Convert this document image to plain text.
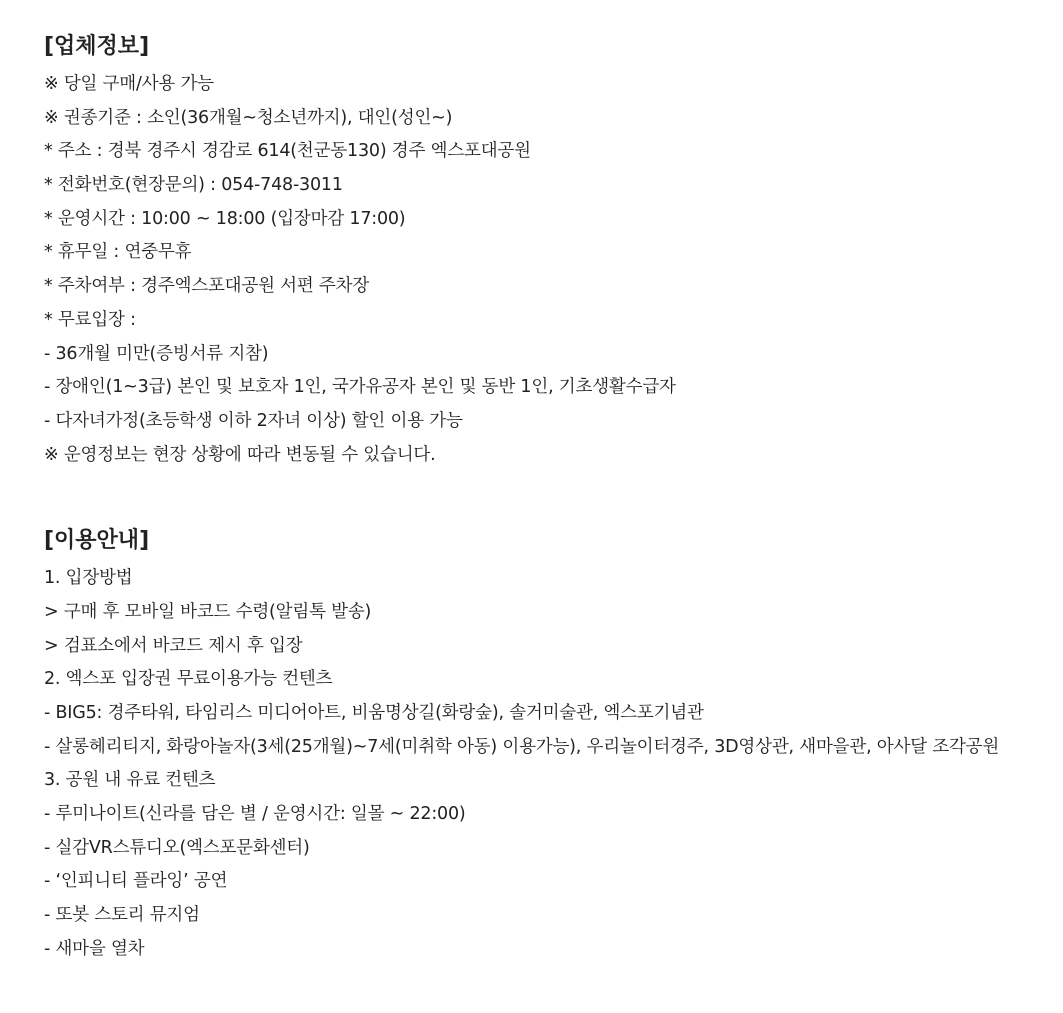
[업체정보]
※ 당일 구매/사용 가능
※ 권종기준 : 소인(36개월~청소년까지), 대인(성인~)
* 주소 : 경북 경주시 경감로 614(천군동130) 경주 엑스포대공원
* 전화번호(현장문의) : 054-748-3011
* 운영시간 : 10:00 ~ 18:00 (입장마감 17:00)
* 휴무일 : 연중무휴
* 주차여부 : 경주엑스포대공원 서편 주차장
* 무료입장 :
- 36개월 미만(증빙서류 지참)
- 장애인(1~3급) 본인 및 보호자 1인, 국가유공자 본인 및 동반 1인, 기초생활수급자
- 다자녀가정(초등학생 이하 2자녀 이상) 할인 이용 가능
※ 운영정보는 현장 상황에 따라 변동될 수 있습니다.
[이용안내]
1. 입장방법
> 구매 후 모바일 바코드 수령(알림톡 발송)
> 검표소에서 바코드 제시 후 입장
2. 엑스포 입장권 무료이용가능 컨텐츠
- BIG5: 경주타워, 타임리스 미디어아트, 비움명상길(화랑숲), 솔거미술관, 엑스포기념관
- 살롱헤리티지, 화랑아놀자(3세(25개월)~7세(미취학 아동) 이용가능), 우리놀이터경주, 3D영상관, 새마을관, 아사달 조각공원
3. 공원 내 유료 컨텐츠
- 루미나이트(신라를 담은 별 / 운영시간: 일몰 ~ 22:00)
- 실감VR스튜디오(엑스포문화센터)
- ‘인피니티 플라잉’ 공연
- 또봇 스토리 뮤지엄
- 새마을 열차
